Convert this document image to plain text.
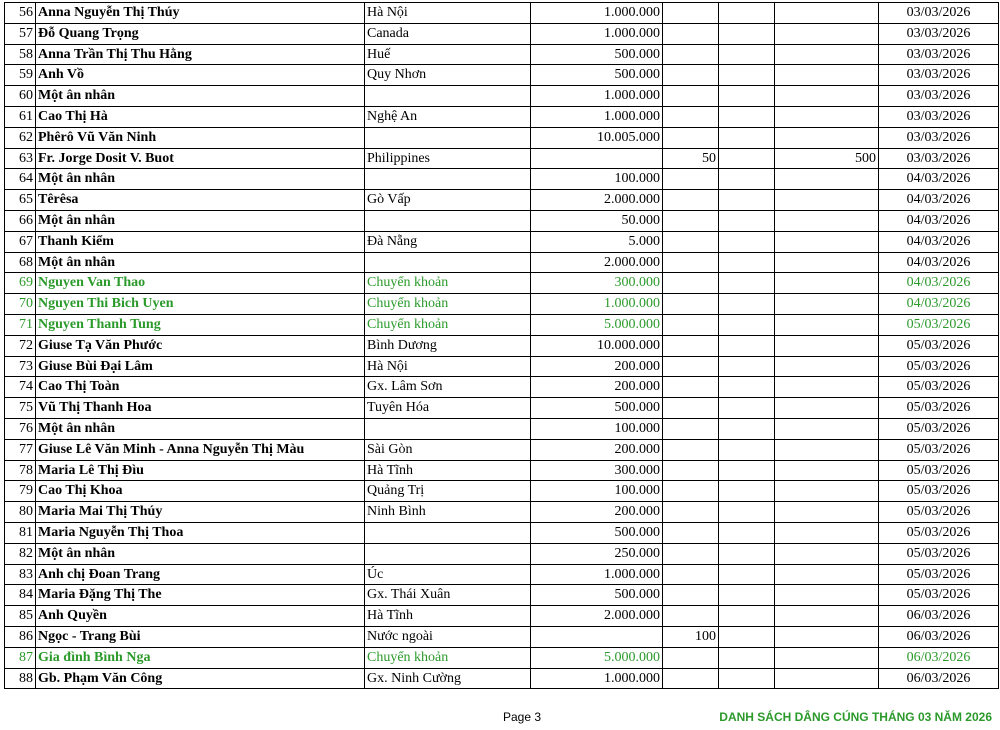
56	Anna Nguyễn Thị Thúy	Hà Nội	1.000.000				03/03/2026
57	Đỗ Quang Trọng	Canada	1.000.000				03/03/2026
58	Anna Trần Thị Thu Hằng	Huế	500.000				03/03/2026
59	Anh Vồ	Quy Nhơn	500.000				03/03/2026
60	Một ân nhân		1.000.000				03/03/2026
61	Cao Thị Hà	Nghệ An	1.000.000				03/03/2026
62	Phêrô Vũ Văn Ninh		10.005.000				03/03/2026
63	Fr. Jorge Dosit V. Buot	Philippines		50		500	03/03/2026
64	Một ân nhân		100.000				04/03/2026
65	Têrêsa	Gò Vấp	2.000.000				04/03/2026
66	Một ân nhân		50.000				04/03/2026
67	Thanh Kiểm	Đà Nẵng	5.000				04/03/2026
68	Một ân nhân		2.000.000				04/03/2026
69	Nguyen Van Thao	Chuyển khoản	300.000				04/03/2026
70	Nguyen Thi Bich Uyen	Chuyển khoản	1.000.000				04/03/2026
71	Nguyen Thanh Tung	Chuyển khoản	5.000.000				05/03/2026
72	Giuse Tạ Văn Phước	Bình Dương	10.000.000				05/03/2026
73	Giuse Bùi Đại Lâm	Hà Nội	200.000				05/03/2026
74	Cao Thị Toàn	Gx. Lâm Sơn	200.000				05/03/2026
75	Vũ Thị Thanh Hoa	Tuyên Hóa	500.000				05/03/2026
76	Một ân nhân		100.000				05/03/2026
77	Giuse Lê Văn Minh - Anna Nguyễn Thị Màu	Sài Gòn	200.000				05/03/2026
78	Maria Lê Thị Đìu	Hà Tĩnh	300.000				05/03/2026
79	Cao Thị Khoa	Quảng Trị	100.000				05/03/2026
80	Maria Mai Thị Thúy	Ninh Bình	200.000				05/03/2026
81	Maria Nguyễn Thị Thoa		500.000				05/03/2026
82	Một ân nhân		250.000				05/03/2026
83	Anh chị Đoan Trang	Úc	1.000.000				05/03/2026
84	Maria Đặng Thị The	Gx. Thái Xuân	500.000				05/03/2026
85	Anh Quyền	Hà Tĩnh	2.000.000				06/03/2026
86	Ngọc - Trang Bùi	Nước ngoài		100			06/03/2026
87	Gia đình Bình Nga	Chuyển khoản	5.000.000				06/03/2026
88	Gb. Phạm Văn Công	Gx. Ninh Cường	1.000.000				06/03/2026
Page 3	DANH SÁCH DÂNG CÚNG THÁNG 03 NĂM 2026
